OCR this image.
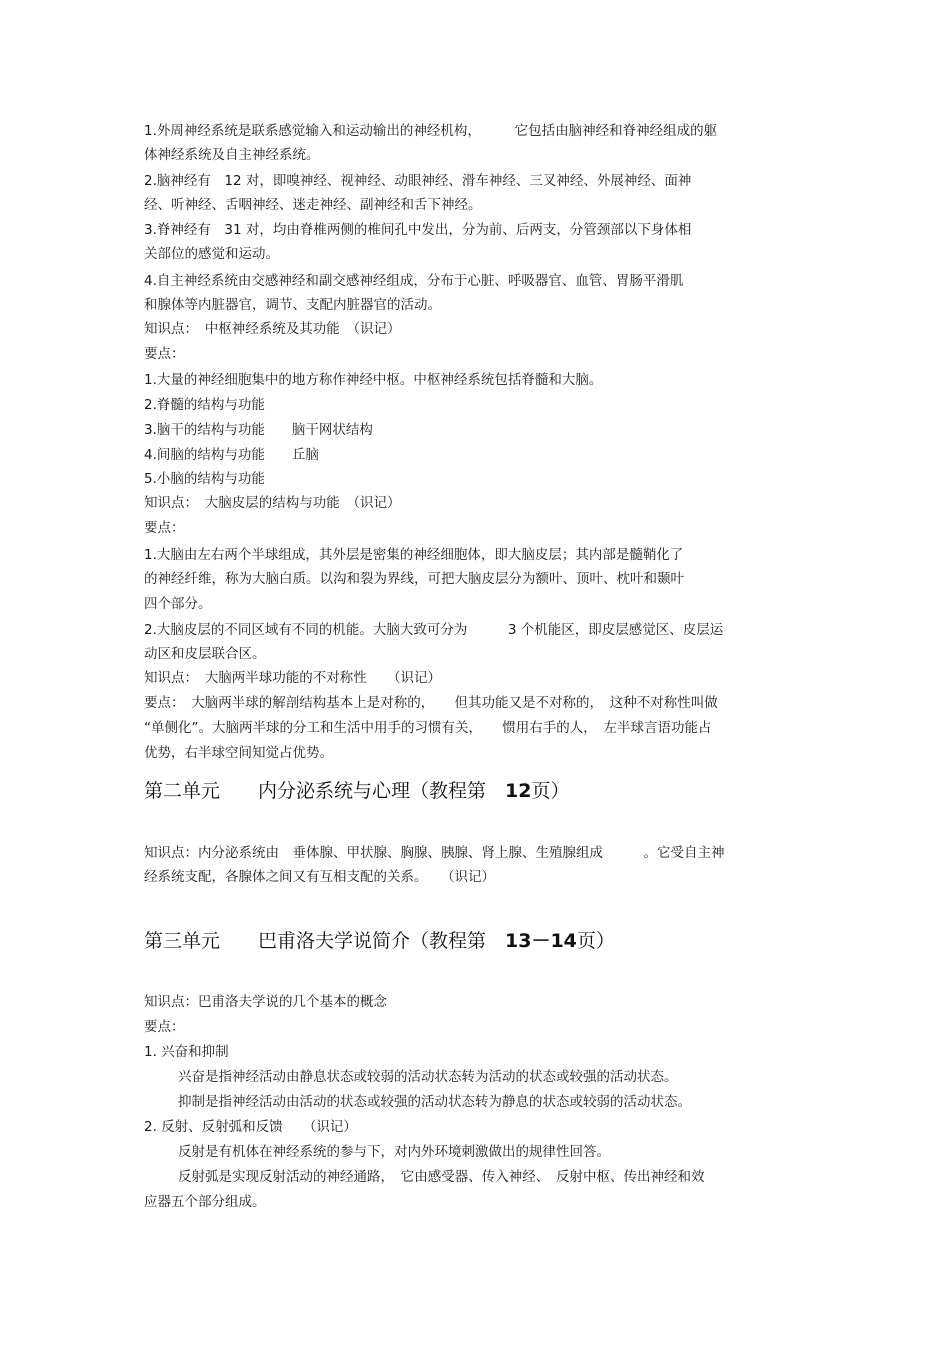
1.外周神经系统是联系感觉输入和运动输出的神经机构，　　　它包括由脑神经和脊神经组成的躯
体神经系统及自主神经系统。
2.脑神经有　12 对，即嗅神经、视神经、动眼神经、滑车神经、三叉神经、外展神经、面神
经、听神经、舌咽神经、迷走神经、副神经和舌下神经。
3.脊神经有　31 对，均由脊椎两侧的椎间孔中发出，分为前、后两支，分管颈部以下身体相
关部位的感觉和运动。
4.自主神经系统由交感神经和副交感神经组成，分布于心脏、呼吸器官、血管、胃肠平滑肌
和腺体等内脏器官，调节、支配内脏器官的活动。
知识点：　中枢神经系统及其功能　（识记）
要点：
1.大量的神经细胞集中的地方称作神经中枢。中枢神经系统包括脊髓和大脑。
2.脊髓的结构与功能
3.脑干的结构与功能　　脑干网状结构
4.间脑的结构与功能　　丘脑
5.小脑的结构与功能
知识点：　大脑皮层的结构与功能　（识记）
要点：
1.大脑由左右两个半球组成，其外层是密集的神经细胞体，即大脑皮层；其内部是髓鞘化了
的神经纤维，称为大脑白质。以沟和裂为界线，可把大脑皮层分为额叶、顶叶、枕叶和颞叶
四个部分。
2.大脑皮层的不同区域有不同的机能。大脑大致可分为　　　3 个机能区，即皮层感觉区、皮层运
动区和皮层联合区。
知识点：　大脑两半球功能的不对称性　　（识记）
要点：　大脑两半球的解剖结构基本上是对称的，　　但其功能又是不对称的，　这种不对称性叫做
“单侧化”。大脑两半球的分工和生活中用手的习惯有关，　　惯用右手的人，　左半球言语功能占
优势，右半球空间知觉占优势。
第二单元　　内分泌系统与心理（教程第　12页）
知识点：内分泌系统由　垂体腺、甲状腺、胸腺、胰腺、肾上腺、生殖腺组成　　　。它受自主神
经系统支配，各腺体之间又有互相支配的关系。　　（识记）
第三单元　　巴甫洛夫学说简介（教程第　13－14页）
知识点：巴甫洛夫学说的几个基本的概念
要点：
1. 兴奋和抑制
兴奋是指神经活动由静息状态或较弱的活动状态转为活动的状态或较强的活动状态。
抑制是指神经活动由活动的状态或较强的活动状态转为静息的状态或较弱的活动状态。
2. 反射、反射弧和反馈　　（识记）
反射是有机体在神经系统的参与下，对内外环境刺激做出的规律性回答。
反射弧是实现反射活动的神经通路，　它由感受器、传入神经、　反射中枢、传出神经和效
应器五个部分组成。
